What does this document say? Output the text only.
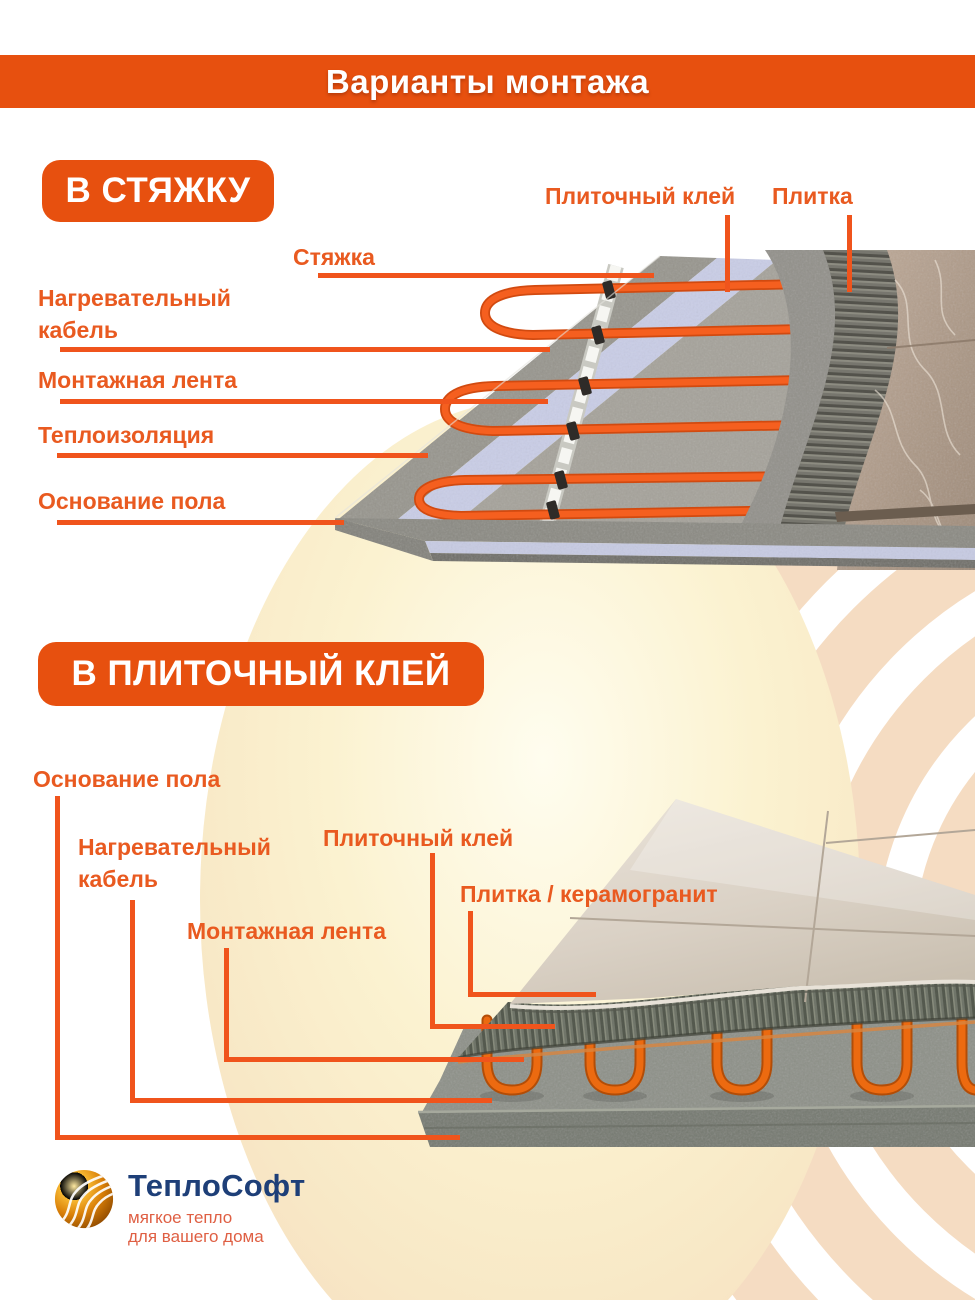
Варианты монтажа
В СТЯЖКУ
Стяжка
Плиточный клей Плитка
Нагревательный кабель
Монтажная лента
Теплоизоляция
Основание пола
В ПЛИТОЧНЫЙ КЛЕЙ
Основание пола
Нагревательный кабель
Монтажная лента
Плиточный клей
Плитка / керамогранит
ТеплоСофт
мягкое тепло
для вашего дома
